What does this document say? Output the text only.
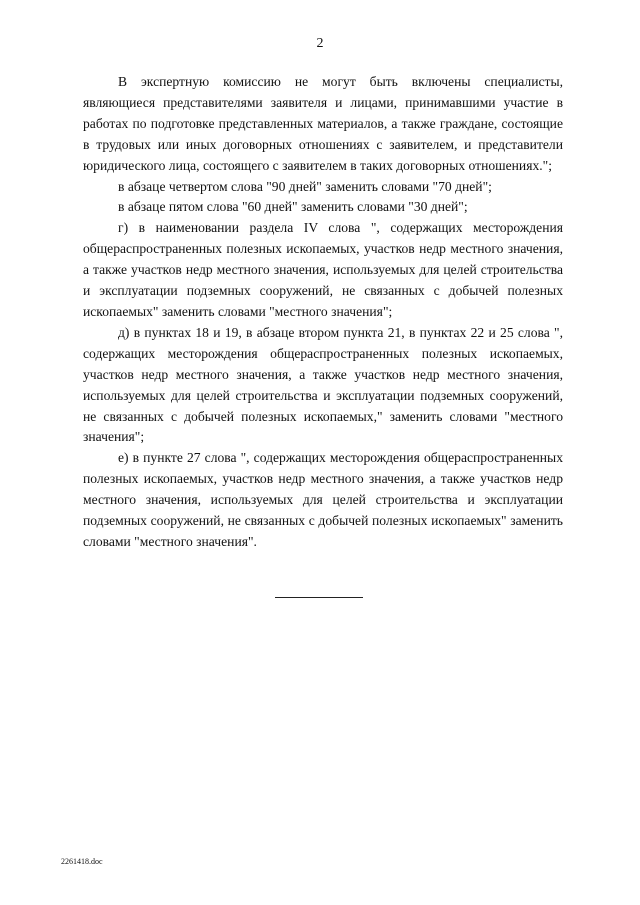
2

В экспертную комиссию не могут быть включены специалисты, являющиеся представителями заявителя и лицами, принимавшими участие в работах по подготовке представленных материалов, а также граждане, состоящие в трудовых или иных договорных отношениях с заявителем, и представители юридического лица, состоящего с заявителем в таких договорных отношениях.";

в абзаце четвертом слова "90 дней" заменить словами "70 дней";

в абзаце пятом слова "60 дней" заменить словами "30 дней";

г) в наименовании раздела IV слова ", содержащих месторождения общераспространенных полезных ископаемых, участков недр местного значения, а также участков недр местного значения, используемых для целей строительства и эксплуатации подземных сооружений, не связанных с добычей полезных ископаемых" заменить словами "местного значения";

д) в пунктах 18 и 19, в абзаце втором пункта 21, в пунктах 22 и 25 слова ", содержащих месторождения общераспространенных полезных ископаемых, участков недр местного значения, а также участков недр местного значения, используемых для целей строительства и эксплуатации подземных сооружений, не связанных с добычей полезных ископаемых," заменить словами "местного значения";

е) в пункте 27 слова ", содержащих месторождения общераспространенных полезных ископаемых, участков недр местного значения, а также участков недр местного значения, используемых для целей строительства и эксплуатации подземных сооружений, не связанных с добычей полезных ископаемых" заменить словами "местного значения".

2261418.doc
